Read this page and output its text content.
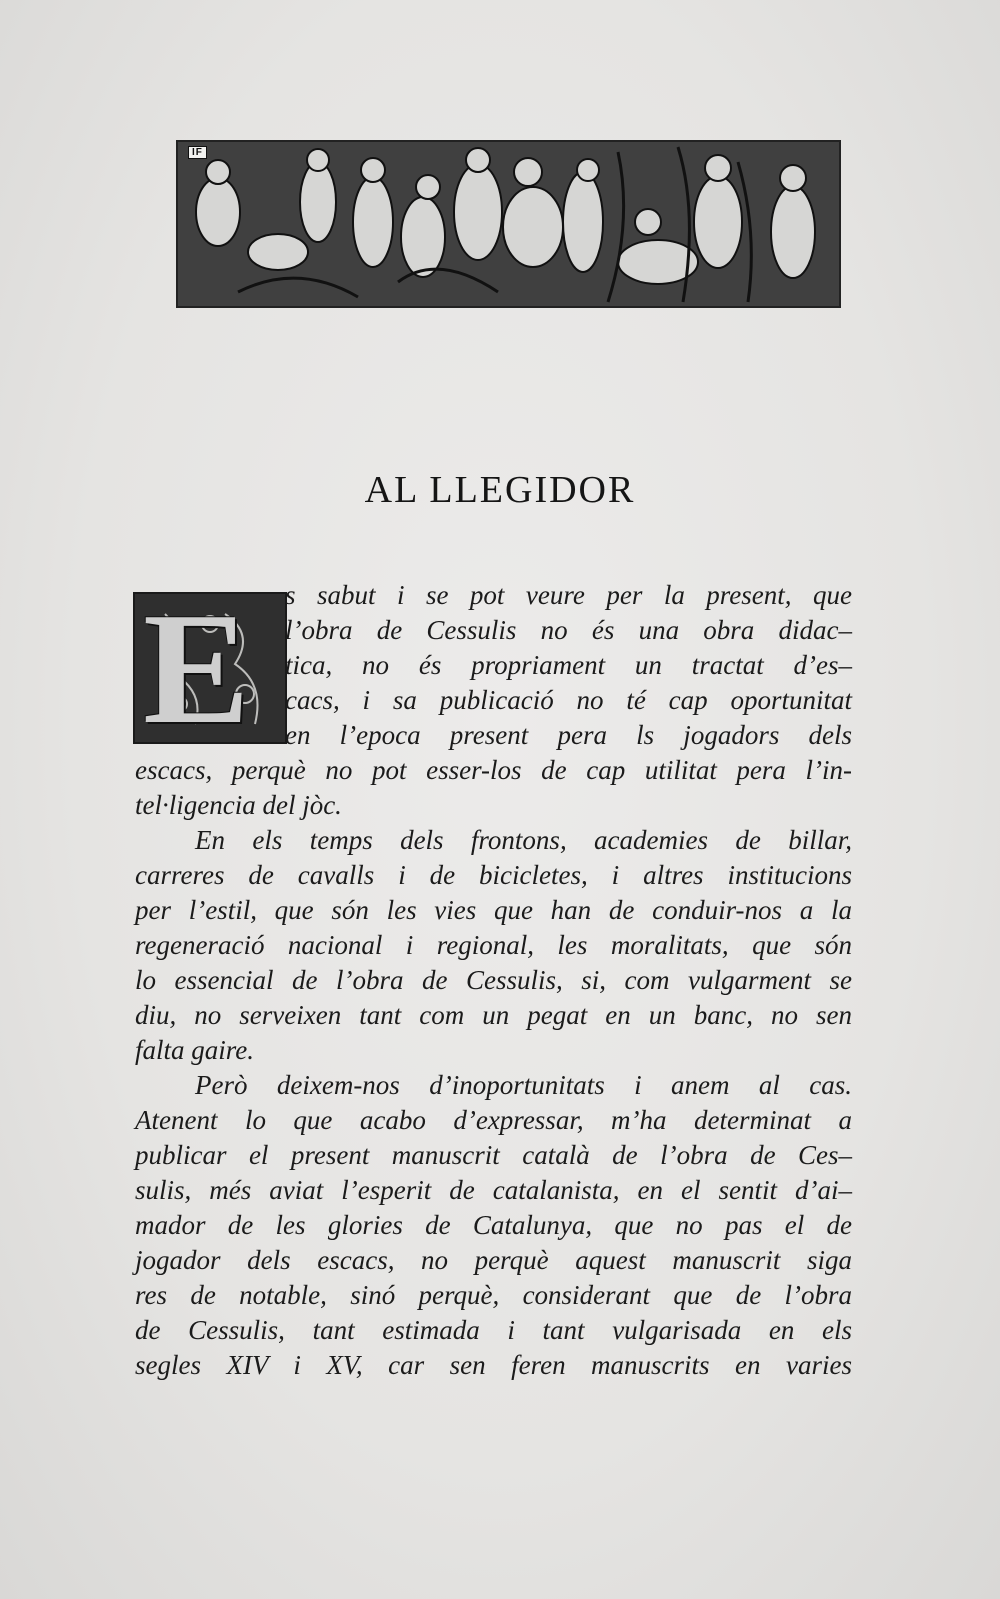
IF
AL LLEGIDOR
E s sabut i se pot veure per la present, que
l’obra de Cessulis no és una obra didac–
tica, no és propriament un tractat d’es–
cacs, i sa publicació no té cap oportunitat
en l’epoca present pera ls jogadors dels
escacs, perquè no pot esser-los de cap utilitat pera l’in-
tel·ligencia del jòc.
En els temps dels frontons, academies de billar,
carreres de cavalls i de bicicletes, i altres institucions
per l’estil, que són les vies que han de conduir-nos a la
regeneració nacional i regional, les moralitats, que són
lo essencial de l’obra de Cessulis, si, com vulgarment se
diu, no serveixen tant com un pegat en un banc, no sen
falta gaire.
Però deixem-nos d’inoportunitats i anem al cas.
Atenent lo que acabo d’expressar, m’ha determinat a
publicar el present manuscrit català de l’obra de Ces–
sulis, més aviat l’esperit de catalanista, en el sentit d’ai–
mador de les glories de Catalunya, que no pas el de
jogador dels escacs, no perquè aquest manuscrit siga
res de notable, sinó perquè, considerant que de l’obra
de Cessulis, tant estimada i tant vulgarisada en els
segles XIV i XV, car sen feren manuscrits en varies
